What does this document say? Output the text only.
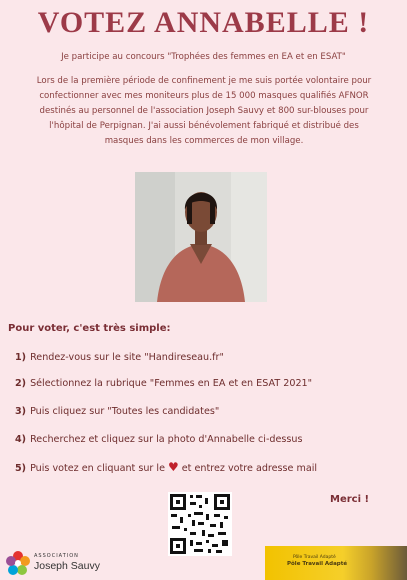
VOTEZ ANNABELLE !
Je participe au concours "Trophées des femmes en EA et en ESAT"
Lors de la première période de confinement je me suis portée volontaire pour
confectionner avec mes moniteurs plus de 15 000 masques qualifiés AFNOR
destinés au personnel de l'association Joseph Sauvy et 800 sur-blouses pour
l'hôpital de Perpignan. J'ai aussi bénévolement fabriqué et distribué des
masques dans les commerces de mon village.
Pour voter, c'est très simple:
1) Rendez-vous sur le site "Handireseau.fr"
2) Sélectionnez la rubrique "Femmes en EA et en ESAT 2021"
3) Puis cliquez sur "Toutes les candidates"
4) Recherchez et cliquez sur la photo d'Annabelle ci-dessus
5) Puis votez en cliquant sur le ♥ et entrez votre adresse mail
Merci !
ASSOCIATION
Joseph Sauvy
Pôle Travail Adapté
Pôle Travail Adapté
